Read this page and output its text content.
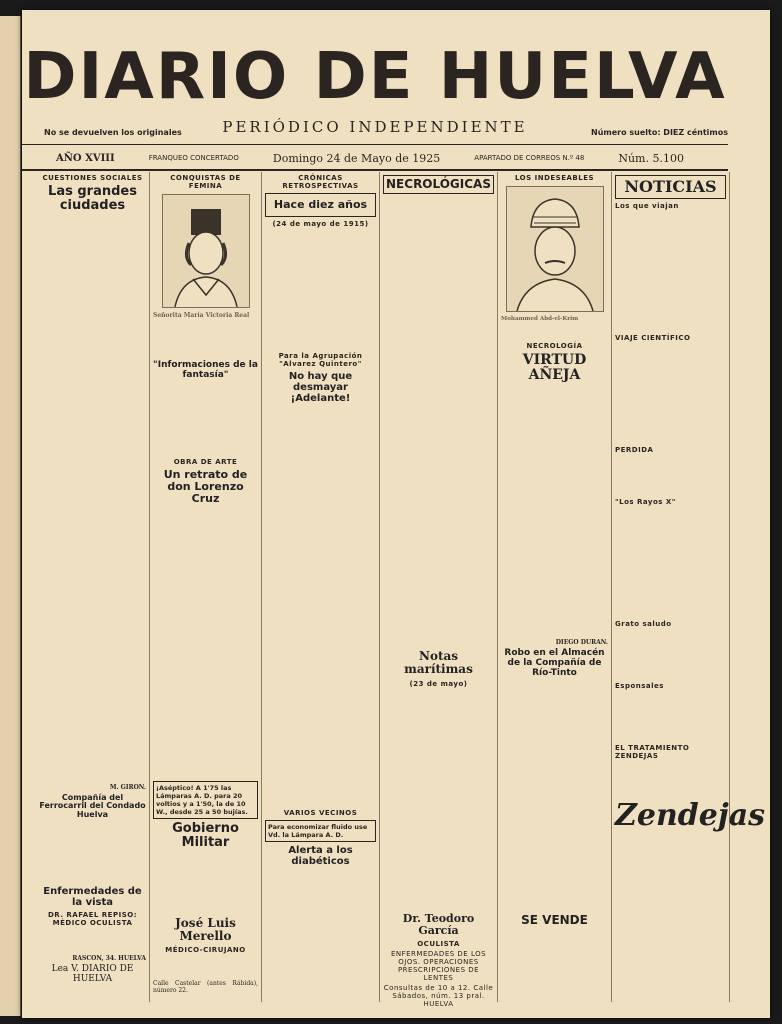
DIARIO DE HUELVA
No se devuelven los originales	PERIÓDICO INDEPENDIENTE	Número suelto: DIEZ céntimos
AÑO XVIII	FRANQUEO CONCERTADO	Domingo 24 de Mayo de 1925	APARTADO DE CORREOS N.º 48	Núm. 5.100
CUESTIONES SOCIALES
Las grandes ciudades
M. GIRON.
Compañía del Ferrocarril del Condado Huelva
Enfermedades de la vista
DR. RAFAEL REPISO: MÉDICO OCULISTA
RASCON, 34. HUELVA
Lea V. DIARIO DE HUELVA
CONQUISTAS DE FEMINA
Señorita María Victoria Real
"Informaciones de la fantasía"
OBRA DE ARTE
Un retrato de don Lorenzo Cruz
¡Aséptico! A 1'75 las Lámparas A. D. para 20 voltios y a 1'50, la de 10 W., desde 25 a 50 bujías.
Gobierno Militar
José Luis Merello
MÉDICO-CIRUJANO
Calle Castelar (antes Rábida), número 22.
CRÓNICAS RETROSPECTIVAS
Hace diez años
(24 de mayo de 1915)
Para la Agrupación "Alvarez Quintero"
No hay que desmayar ¡Adelante!
VARIOS VECINOS
Para economizar fluido use Vd. la Lámpara A. D.
Alerta a los diabéticos
NECROLÓGICAS
Notas marítimas
(23 de mayo)
Dr. Teodoro García
OCULISTA
ENFERMEDADES DE LOS OJOS. OPERACIONES PRESCRIPCIONES DE LENTES
Consultas de 10 a 12. Calle Sábados, núm. 13 pral. HUELVA
LOS INDESEABLES
Mohammed Abd-el-Krim
NECROLOGÍA
VIRTUD AÑEJA
DIEGO DURAN.
Robo en el Almacén de la Compañía de Río-Tinto
SE VENDE
NOTICIAS
Los que viajan
VIAJE CIENTÍFICO
PERDIDA
"Los Rayos X"
Grato saludo
Esponsales
EL TRATAMIENTO ZENDEJAS
Zendejas
